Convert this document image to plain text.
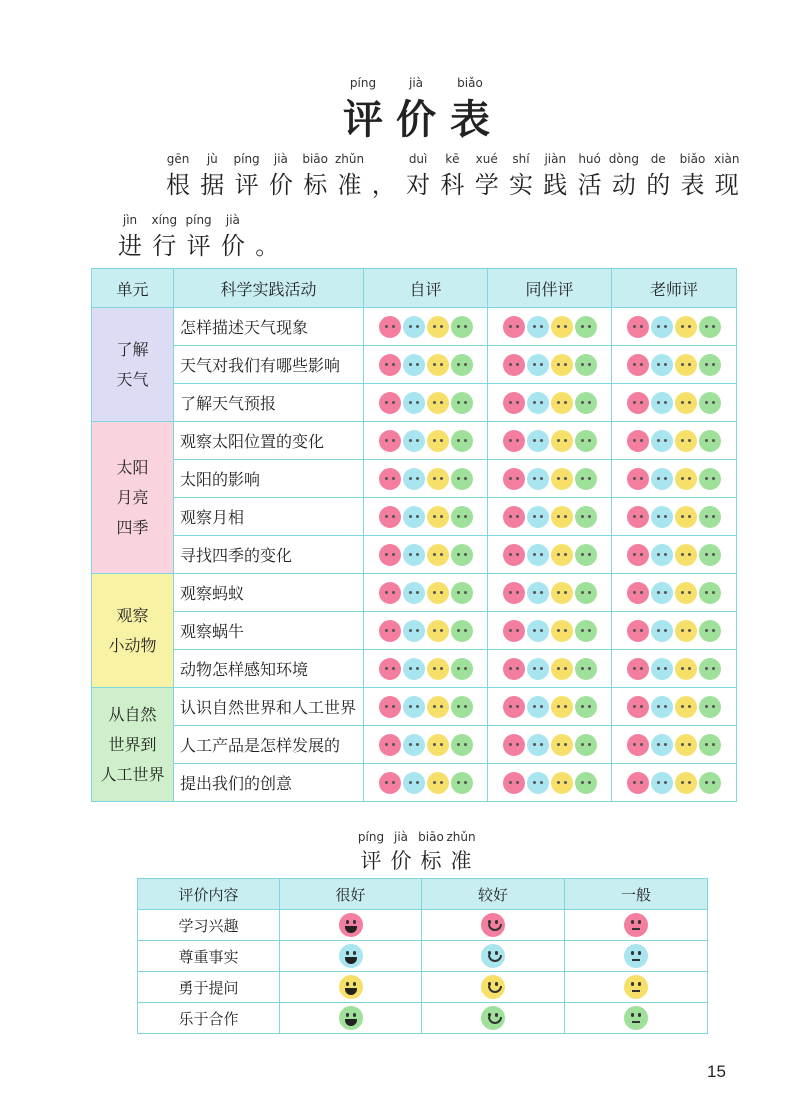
píng
评
jià
价
biǎo
表
gēn
根
jù
据
píng
评
jià
价
biāo
标
zhǔn
准 ，
duì
对
kē
科
xué
学
shí
实
jiàn
践
huó
活
dòng
动
de
的
biǎo
表
xiàn
现
jìn
进
xíng
行
píng
评
jià
价 。
单元	科学实践活动	自评	同伴评	老师评

了解
天气	怎样描述天气现象			
	天气对我们有哪些影响			
	了解天气预报			

太阳
月亮
四季	观察太阳位置的变化			
	太阳的影响			
	观察月相			
	寻找四季的变化			

观察
小动物	观察蚂蚁			
	观察蜗牛			
	动物怎样感知环境			

从自然
世界到
人工世界	认识自然世界和人工世界			
	人工产品是怎样发展的			
	提出我们的创意			
píng
评
jià
价
biāo
标
zhǔn
准
评价内容	很好	较好	一般
学习兴趣	

尊重事实	

勇于提问	

乐于合作	

15
